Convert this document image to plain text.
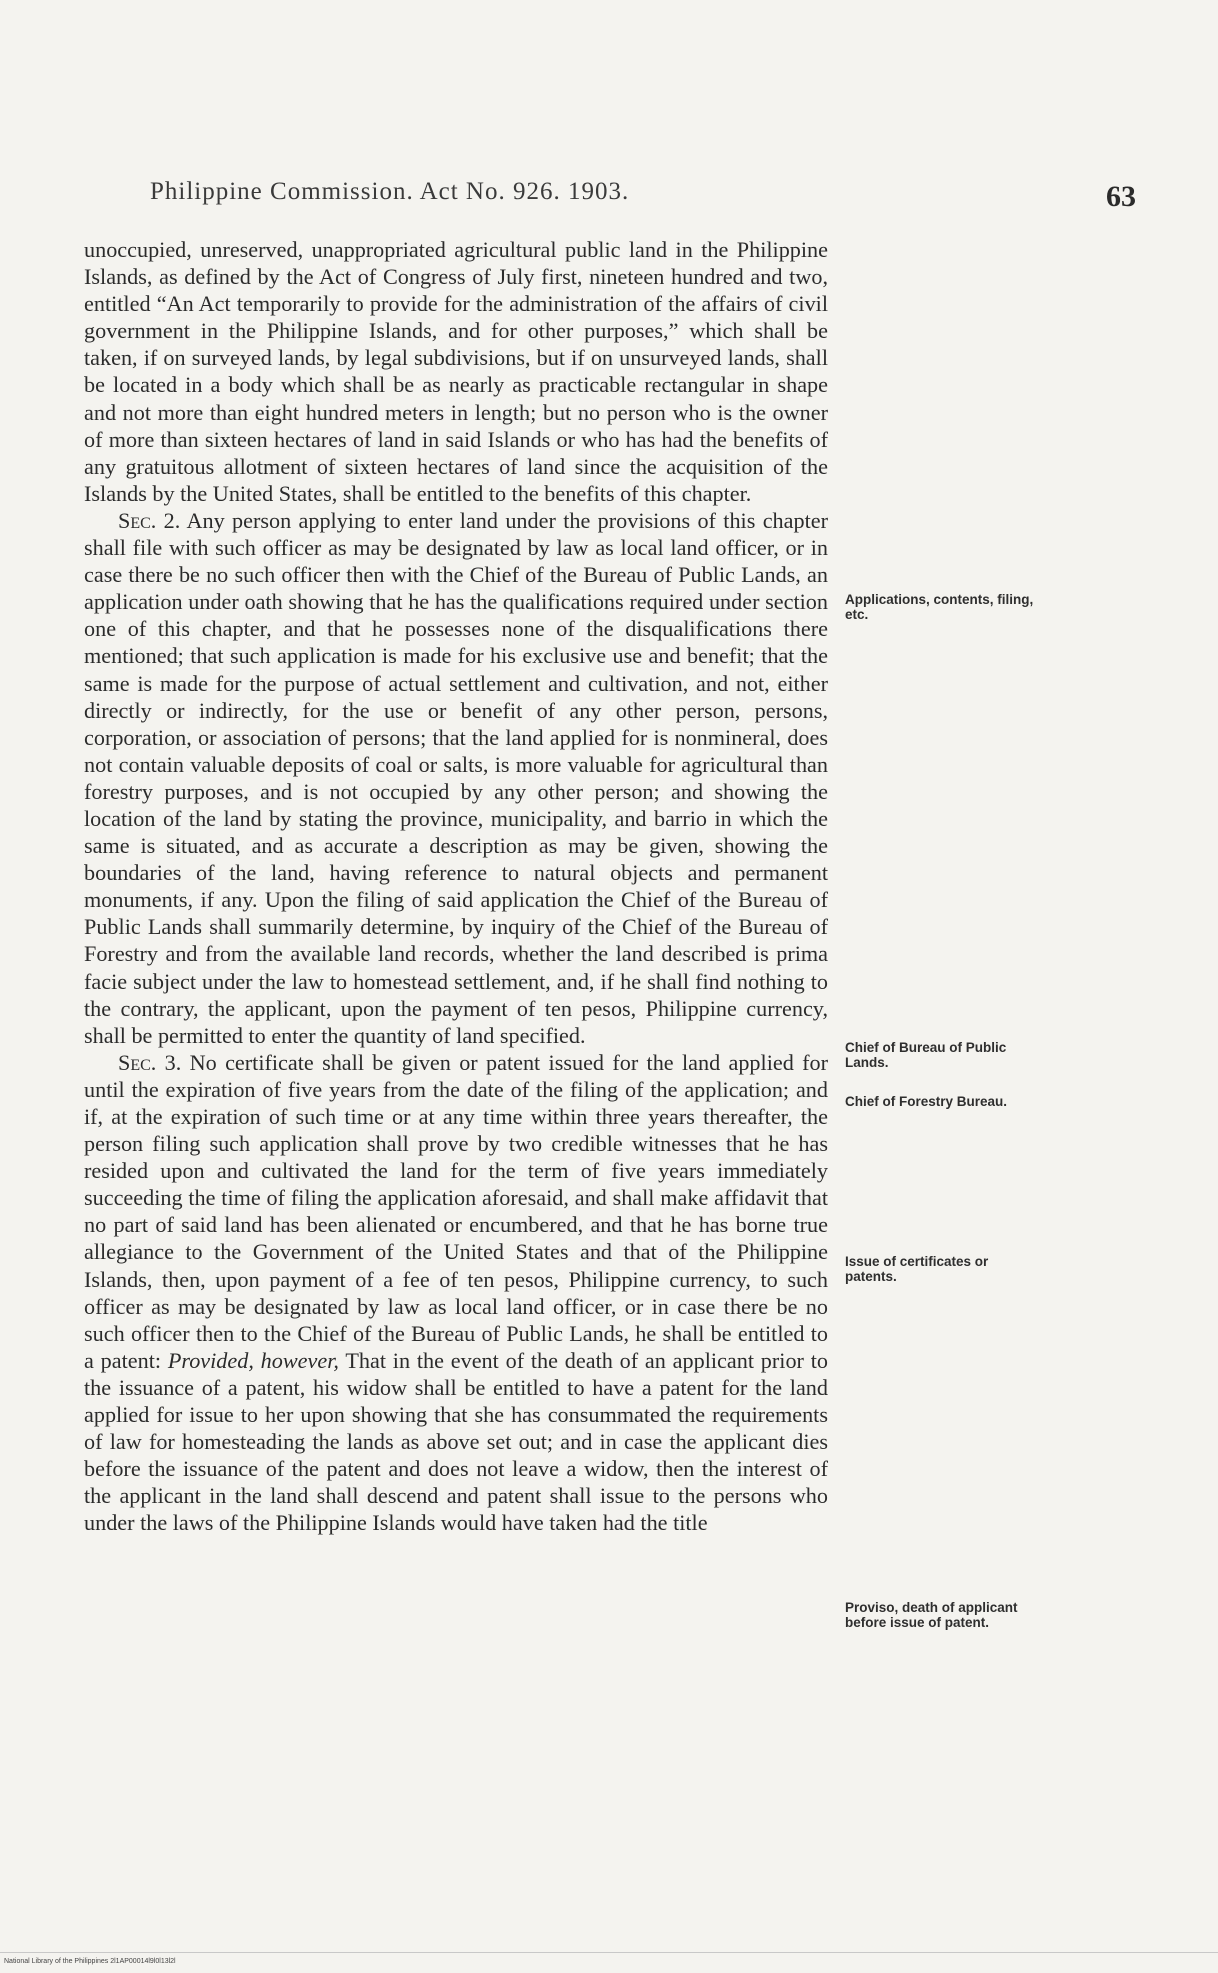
Philippine Commission. Act No. 926. 1903.	63

unoccupied, unreserved, unappropriated agricultural public land in the Philippine Islands, as defined by the Act of Congress of July first, nineteen hundred and two, entitled “An Act temporarily to provide for the administration of the affairs of civil government in the Philippine Islands, and for other purposes,” which shall be taken, if on surveyed lands, by legal subdivisions, but if on unsurveyed lands, shall be located in a body which shall be as nearly as practicable rectangular in shape and not more than eight hundred meters in length; but no person who is the owner of more than sixteen hectares of land in said Islands or who has had the benefits of any gratuitous allotment of sixteen hectares of land since the acquisition of the Islands by the United States, shall be entitled to the benefits of this chapter.

Sec. 2. Any person applying to enter land under the provisions of this chapter shall file with such officer as may be designated by law as local land officer, or in case there be no such officer then with the Chief of the Bureau of Public Lands, an application under oath showing that he has the qualifications required under section one of this chapter, and that he possesses none of the disqualifications there mentioned; that such application is made for his exclusive use and benefit; that the same is made for the purpose of actual settlement and cultivation, and not, either directly or indirectly, for the use or benefit of any other person, persons, corporation, or association of persons; that the land applied for is nonmineral, does not contain valuable deposits of coal or salts, is more valuable for agricultural than forestry purposes, and is not occupied by any other person; and showing the location of the land by stating the province, municipality, and barrio in which the same is situated, and as accurate a description as may be given, showing the boundaries of the land, having reference to natural objects and permanent monuments, if any. Upon the filing of said application the Chief of the Bureau of Public Lands shall summarily determine, by inquiry of the Chief of the Bureau of Forestry and from the available land records, whether the land described is prima facie subject under the law to homestead settlement, and, if he shall find nothing to the contrary, the applicant, upon the payment of ten pesos, Philippine currency, shall be permitted to enter the quantity of land specified.

Sec. 3. No certificate shall be given or patent issued for the land applied for until the expiration of five years from the date of the filing of the application; and if, at the expiration of such time or at any time within three years thereafter, the person filing such application shall prove by two credible witnesses that he has resided upon and cultivated the land for the term of five years immediately succeeding the time of filing the application aforesaid, and shall make affidavit that no part of said land has been alienated or encumbered, and that he has borne true allegiance to the Government of the United States and that of the Philippine Islands, then, upon payment of a fee of ten pesos, Philippine currency, to such officer as may be designated by law as local land officer, or in case there be no such officer then to the Chief of the Bureau of Public Lands, he shall be entitled to a patent: Provided, however, That in the event of the death of an applicant prior to the issuance of a patent, his widow shall be entitled to have a patent for the land applied for issue to her upon showing that she has consummated the requirements of law for homesteading the lands as above set out; and in case the applicant dies before the issuance of the patent and does not leave a widow, then the interest of the applicant in the land shall descend and patent shall issue to the persons who under the laws of the Philippine Islands would have taken had the title

Applications, contents, filing, etc.
Chief of Bureau of Public Lands.
Chief of Forestry Bureau.
Issue of certificates or patents.
Proviso, death of applicant before issue of patent.
National Library of the Philippines 2l1AP00014l9l0l13l2l
